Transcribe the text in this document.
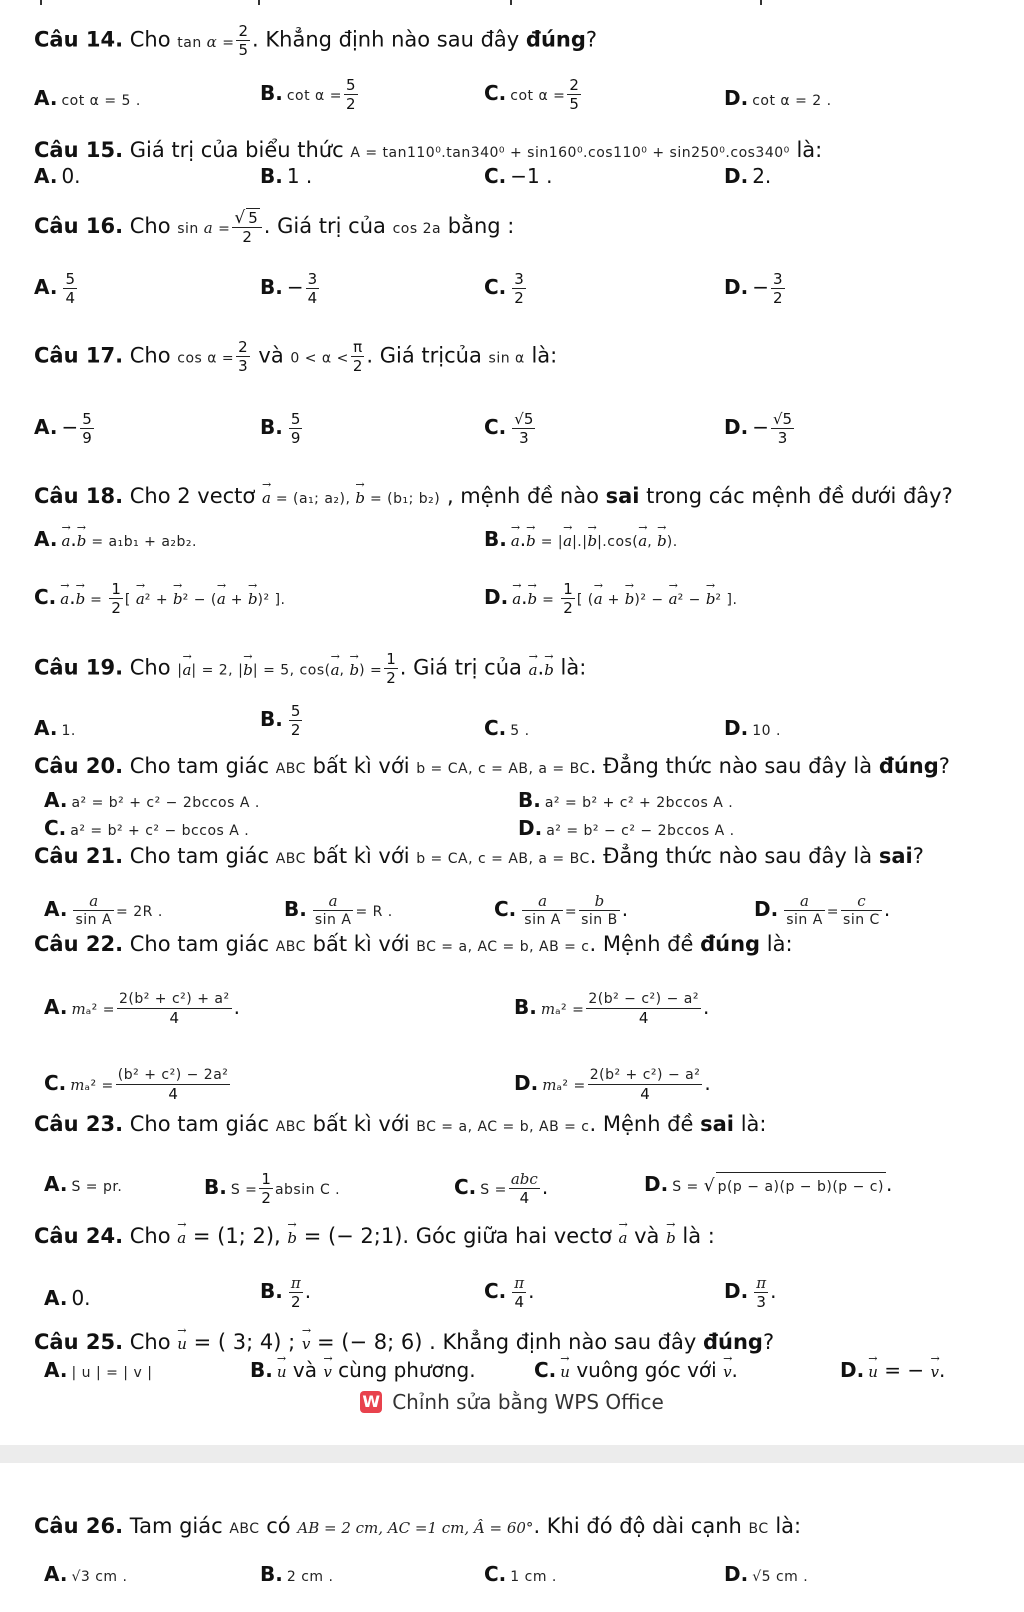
Câu 14. Cho $\tan \alpha = \frac{2}{5}$ . Khẳng định nào sau đây đúng?
A. cot α = 5 .	B. $\cot \alpha = \frac{5}{2}$	C. $\cot \alpha = \frac{2}{5}$	D. cot α = 2 .
Câu 15. Giá trị của biểu thức A = tan110⁰.tan340⁰ + sin160⁰.cos110⁰ + sin250⁰.cos340⁰ là:
A. 0.	B. 1 .	C. −1 .	D. 2.
Câu 16. Cho $\sin a = \frac{√ 5}{2}$ . Giá trị của cos 2a bằng :
A. $\frac{5}{4}$	B. − $\frac{3}{4}$	C. $\frac{3}{2}$	D. − $\frac{3}{2}$
Câu 17. Cho $\cos \alpha = \frac{2}{3}$ và $0 < \alpha < \frac{\pi}{2}$ . Giá trịcủa sin α là:
A. − $\frac{5}{9}$	B. $\frac{5}{9}$	C. $\frac{√5}{3}$	D. − $\frac{√5}{3}$
Câu 18. Cho 2 vectơ → a = (a₁; a₂), → b = (b₁; b₂) , mệnh đề nào sai trong các mệnh đề dưới đây?
A.→ a.→ b = a₁b₁ + a₂b₂.	B.→ a.→ b = |→ a|.|→ b|.cos(→ a, → b).
$C.\to a.\to b = \frac{1}{2}$ [ → a² + → b² − (→ a + → b)² ].	$D.\to a.\to b = \frac{1}{2}$ [ (→ a + → b)² − → a² − → b² ].
Câu 19. Cho |→ a| = 2, |→ b| = 5, cos(→ a, → $b) = \frac{1}{2}$ . Giá trị của → a.→ b là:
A. 1.	B. $\frac{5}{2}$	C. 5 .	D. 10 .
Câu 20. Cho tam giác ABC bất kì với b = CA, c = AB, a = BC. Đẳng thức nào sau đây là đúng?
A. a² = b² + c² − 2bccos A .	B. a² = b² + c² + 2bccos A .
C. a² = b² + c² − bccos A .	D. a² = b² − c² − 2bccos A .
Câu 21. Cho tam giác ABC bất kì với b = CA, c = AB, a = BC. Đẳng thức nào sau đây là sai?
A. $\frac{a}{\text{sin A}} = 2R$ .	B. $\frac{a}{\text{sin A}} = R$ .	C. $\frac{a}{\text{sin A}} = \frac{b}{\text{sin B}}$ .	D. $\frac{a}{\text{sin A}} = \frac{c}{\text{sin C}}$ .
Câu 22. Cho tam giác ABC bất kì với BC = a, AC = b, AB = c. Mệnh đề đúng là:
A. $m_a^2 = \frac{\text{2(b² + c²) + a²}}{4}$ .	B. $m_a^2 = \frac{\text{2(b² − c²) − a²}}{4}$ .
C. $m_a^2 = \frac{\text{(b² + c²) − 2a²}}{4}$	D. $m_a^2 = \frac{\text{2(b² + c²) − a²}}{4}$ .
Câu 23. Cho tam giác ABC bất kì với BC = a, AC = b, AB = c. Mệnh đề sai là:
A. S = pr.	B. $S = \frac{1}{2}$ absin C .	C. $S = \frac{\text{abc}}{4}$ .	D. S = √ p(p − a)(p − b)(p − c) .
Câu 24. Cho → a = (1; 2), → b = (− 2;1). Góc giữa hai vectơ → a và → b là :
A. 0.	B. $\frac{\pi}{2}$ .	C. $\frac{\pi}{4}$ .	D. $\frac{\pi}{3}$ .
Câu 25. Cho → u = ( 3; 4) ; → v = (− 8; 6) . Khẳng định nào sau đây đúng?
A. | u | = | v |	B.→ u và → v cùng phương.	C.→ u vuông góc với → v.	D.→ u = − → v.
W Chỉnh sửa bằng WPS Office
Câu 26. Tam giác ABC có AB = 2 cm, AC =1 cm, Â = 60°. Khi đó độ dài cạnh BC là:
A. √3 cm .	B. 2 cm .	C. 1 cm .	D. √5 cm .
